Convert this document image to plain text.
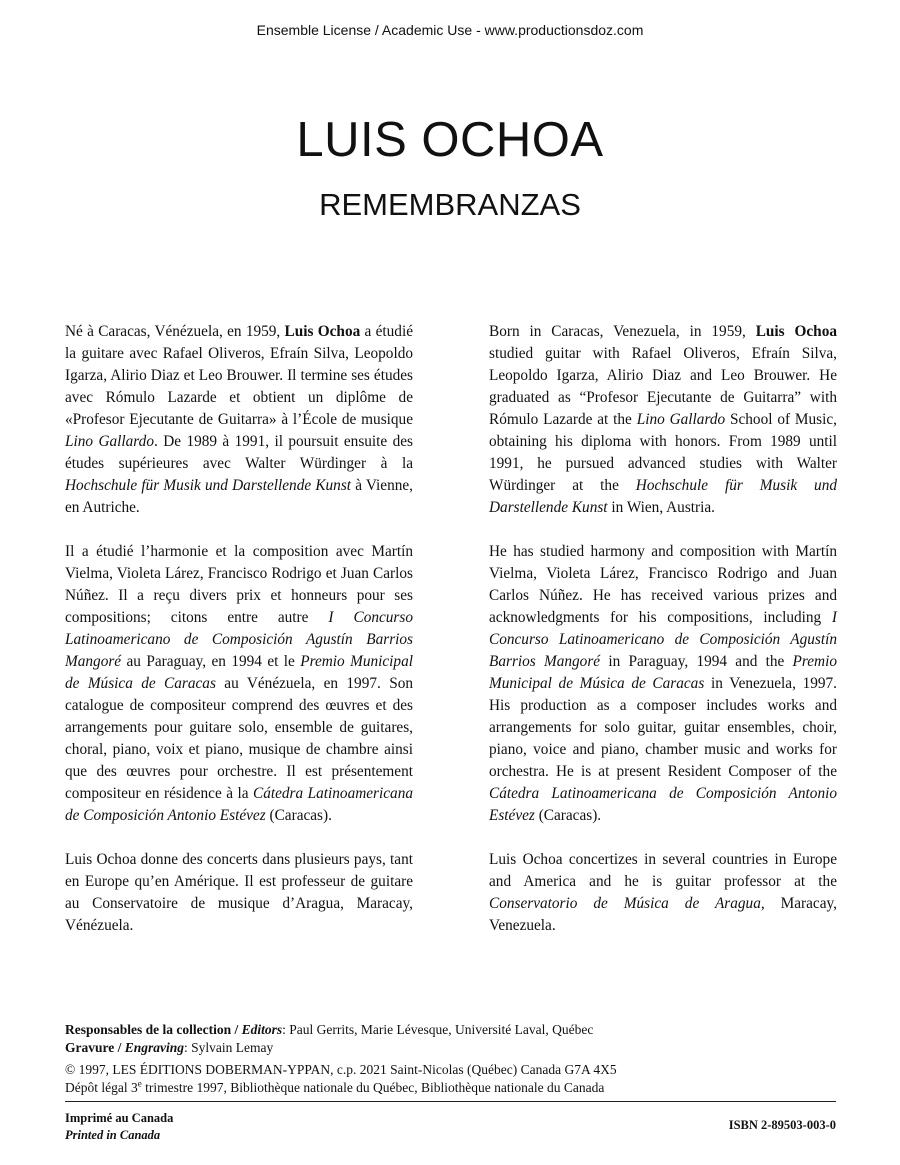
Ensemble License / Academic Use - www.productionsdoz.com
LUIS OCHOA
REMEMBRANZAS

Né à Caracas, Vénézuela, en 1959, Luis Ochoa a étudié la guitare avec Rafael Oliveros, Efraín Silva, Leopoldo Igarza, Alirio Diaz et Leo Brouwer. Il termine ses études avec Rómulo Lazarde et obtient un diplôme de «Profesor Ejecutante de Guitarra» à l’École de musique Lino Gallardo. De 1989 à 1991, il poursuit ensuite des études supérieures avec Walter Würdinger à la Hochschule für Musik und Darstellende Kunst à Vienne, en Autriche.

Il a étudié l’harmonie et la composition avec Martín Vielma, Violeta Lárez, Francisco Rodrigo et Juan Carlos Núñez. Il a reçu divers prix et honneurs pour ses compositions; citons entre autre I Concurso Latinoamericano de Composición Agustín Barrios Mangoré au Paraguay, en 1994 et le Premio Municipal de Música de Caracas au Vénézuela, en 1997. Son catalogue de compositeur comprend des œuvres et des arrangements pour guitare solo, ensemble de guitares, choral, piano, voix et piano, musique de chambre ainsi que des œuvres pour orchestre. Il est présentement compositeur en résidence à la Cátedra Latinoamericana de Composición Antonio Estévez (Caracas).

Luis Ochoa donne des concerts dans plusieurs pays, tant en Europe qu’en Amérique. Il est professeur de guitare au Conservatoire de musique d’Aragua, Maracay, Vénézuela.

Born in Caracas, Venezuela, in 1959, Luis Ochoa studied guitar with Rafael Oliveros, Efraín Silva, Leopoldo Igarza, Alirio Diaz and Leo Brouwer. He graduated as “Profesor Ejecutante de Guitarra” with Rómulo Lazarde at the Lino Gallardo School of Music, obtaining his diploma with honors. From 1989 until 1991, he pursued advanced studies with Walter Würdinger at the Hochschule für Musik und Darstellende Kunst in Wien, Austria.

He has studied harmony and composition with Martín Vielma, Violeta Lárez, Francisco Rodrigo and Juan Carlos Núñez. He has received various prizes and acknowledgments for his compositions, including I Concurso Latinoamericano de Composición Agustín Barrios Mangoré in Paraguay, 1994 and the Premio Municipal de Música de Caracas in Venezuela, 1997. His production as a composer includes works and arrangements for solo guitar, guitar ensembles, choir, piano, voice and piano, chamber music and works for orchestra. He is at present Resident Composer of the Cátedra Latinoamericana de Composición Antonio Estévez (Caracas).

Luis Ochoa concertizes in several countries in Europe and America and he is guitar professor at the Conservatorio de Música de Aragua, Maracay, Venezuela.

Responsables de la collection / Editors: Paul Gerrits, Marie Lévesque, Université Laval, Québec
Gravure / Engraving: Sylvain Lemay
© 1997, LES ÉDITIONS DOBERMAN-YPPAN, c.p. 2021 Saint-Nicolas (Québec) Canada G7A 4X5
Dépôt légal 3e trimestre 1997, Bibliothèque nationale du Québec, Bibliothèque nationale du Canada
Imprimé au Canada
Printed in Canada
ISBN 2-89503-003-0
